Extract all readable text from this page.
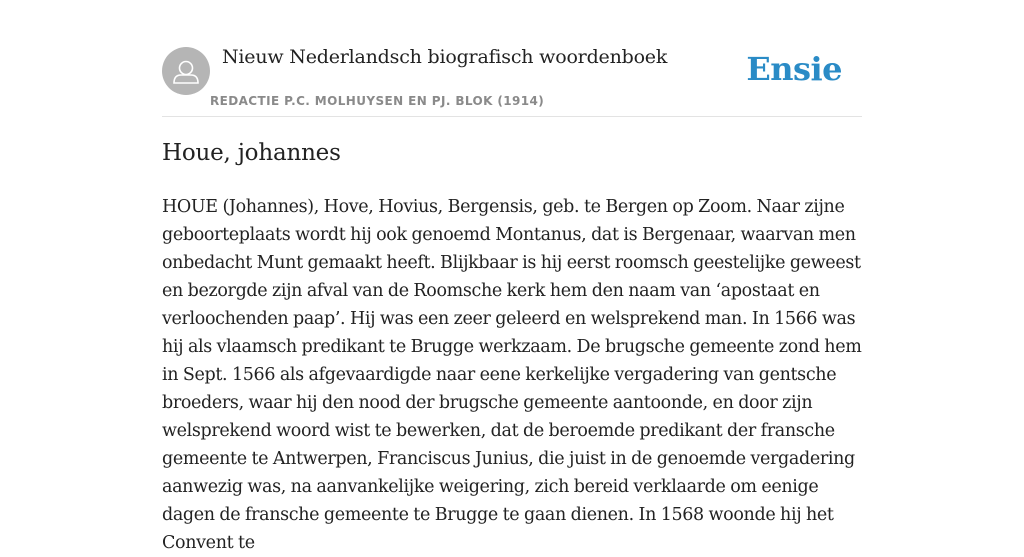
Nieuw Nederlandsch biografisch woordenboek
REDACTIE P.C. MOLHUYSEN EN PJ. BLOK (1914)
Ensie
Houe, johannes

HOUE (Johannes), Hove, Hovius, Bergensis, geb. te Bergen op Zoom. Naar zijne geboorteplaats wordt hij ook genoemd Montanus, dat is Bergenaar, waarvan men onbedacht Munt gemaakt heeft. Blijkbaar is hij eerst roomsch geestelijke geweest en bezorgde zijn afval van de Roomsche kerk hem den naam van ‘apostaat en verloochenden paap’. Hij was een zeer geleerd en welsprekend man. In 1566 was hij als vlaamsch predikant te Brugge werkzaam. De brugsche gemeente zond hem in Sept. 1566 als afgevaardigde naar eene kerkelijke vergadering van gentsche broeders, waar hij den nood der brugsche gemeente aantoonde, en door zijn welsprekend woord wist te bewerken, dat de beroemde predikant der fransche gemeente te Antwerpen, Franciscus Junius, die juist in de genoemde vergadering aanwezig was, na aanvankelijke weigering, zich bereid verklaarde om eenige dagen de fransche gemeente te Brugge te gaan dienen. In 1568 woonde hij het Convent te
